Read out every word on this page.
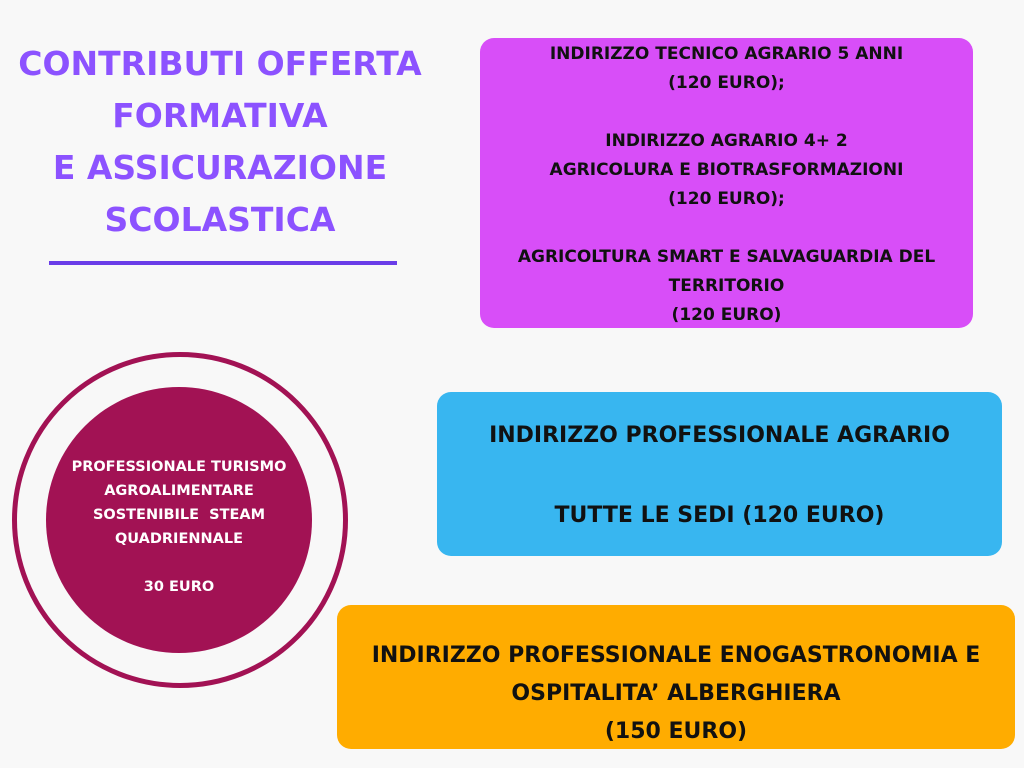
CONTRIBUTI OFFERTA
FORMATIVA
E ASSICURAZIONE
SCOLASTICA
INDIRIZZO TECNICO AGRARIO 5 ANNI
(120 EURO);
INDIRIZZO AGRARIO 4+ 2
AGRICOLURA E BIOTRASFORMAZIONI
(120 EURO);
AGRICOLTURA SMART E SALVAGUARDIA DEL
TERRITORIO
(120 EURO)
INDIRIZZO PROFESSIONALE AGRARIO
TUTTE LE SEDI (120 EURO)
INDIRIZZO PROFESSIONALE ENOGASTRONOMIA E
OSPITALITA’ ALBERGHIERA
(150 EURO)
PROFESSIONALE TURISMO
AGROALIMENTARE
SOSTENIBILE  STEAM
QUADRIENNALE
30 EURO
